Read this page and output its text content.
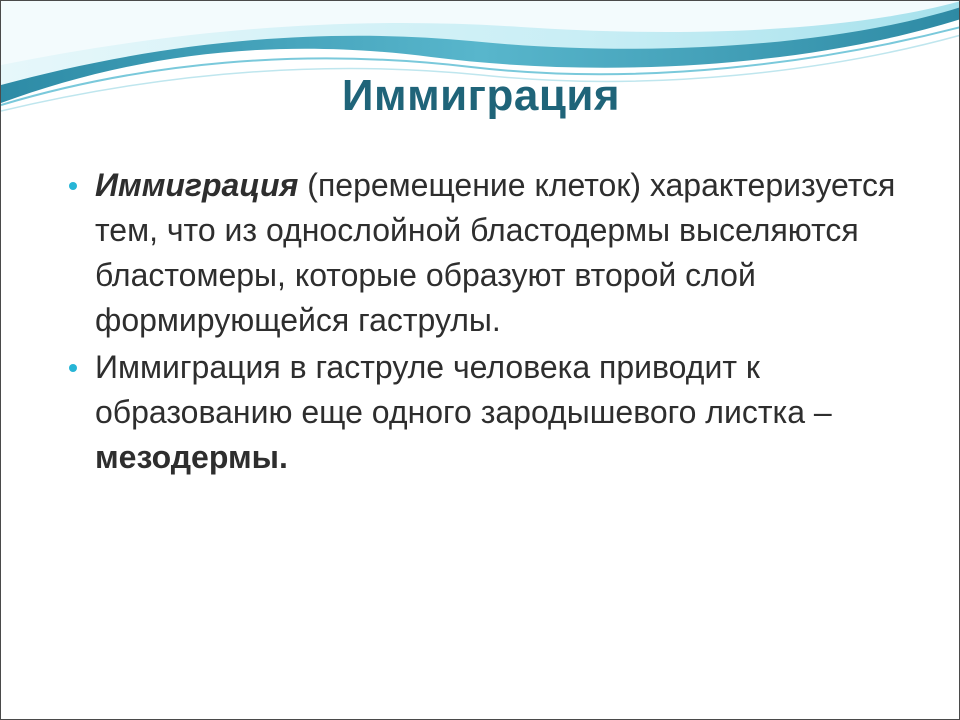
Иммиграция
Иммиграция (перемещение клеток) характеризуется тем, что из однослойной бластодермы выселяются бластомеры, которые образуют второй слой формирующейся гаструлы.
Иммиграция в гаструле человека приводит к образованию еще одного зародышевого листка – мезодермы.
